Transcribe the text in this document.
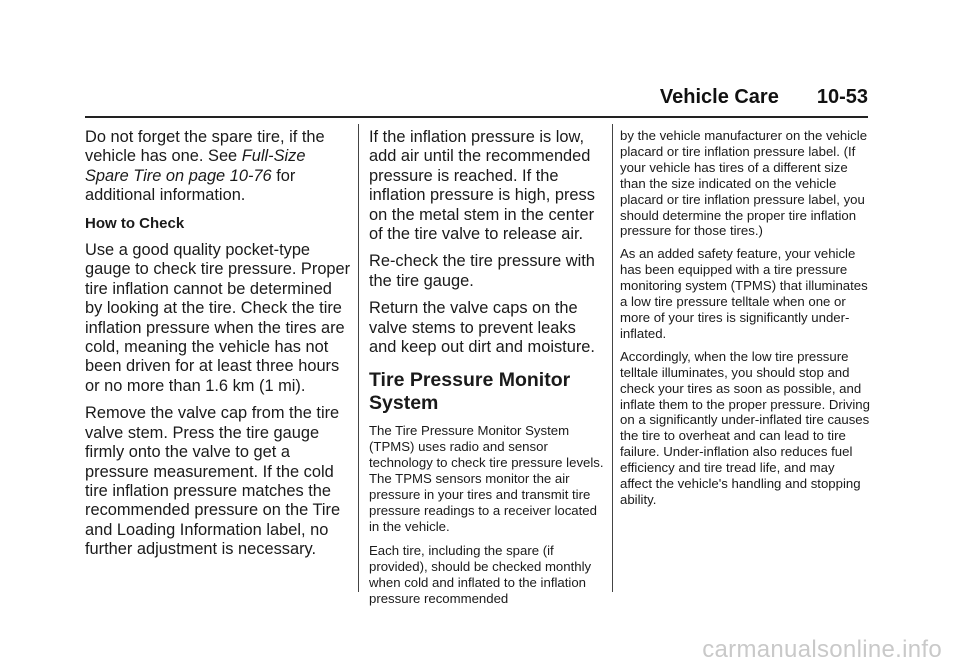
Vehicle Care 10-53

Do not forget the spare tire, if the vehicle has one. See Full-Size Spare Tire on page 10-76 for additional information.

How to Check

Use a good quality pocket-type gauge to check tire pressure. Proper tire inflation cannot be determined by looking at the tire. Check the tire inflation pressure when the tires are cold, meaning the vehicle has not been driven for at least three hours or no more than 1.6 km (1 mi).

Remove the valve cap from the tire valve stem. Press the tire gauge firmly onto the valve to get a pressure measurement. If the cold tire inflation pressure matches the recommended pressure on the Tire and Loading Information label, no further adjustment is necessary.

If the inflation pressure is low, add air until the recommended pressure is reached. If the inflation pressure is high, press on the metal stem in the center of the tire valve to release air.

Re-check the tire pressure with the tire gauge.

Return the valve caps on the valve stems to prevent leaks and keep out dirt and moisture.

Tire Pressure Monitor System

The Tire Pressure Monitor System (TPMS) uses radio and sensor technology to check tire pressure levels. The TPMS sensors monitor the air pressure in your tires and transmit tire pressure readings to a receiver located in the vehicle.

Each tire, including the spare (if provided), should be checked monthly when cold and inflated to the inflation pressure recommended

by the vehicle manufacturer on the vehicle placard or tire inflation pressure label. (If your vehicle has tires of a different size than the size indicated on the vehicle placard or tire inflation pressure label, you should determine the proper tire inflation pressure for those tires.)

As an added safety feature, your vehicle has been equipped with a tire pressure monitoring system (TPMS) that illuminates a low tire pressure telltale when one or more of your tires is significantly under-inflated.

Accordingly, when the low tire pressure telltale illuminates, you should stop and check your tires as soon as possible, and inflate them to the proper pressure. Driving on a significantly under-inflated tire causes the tire to overheat and can lead to tire failure. Under-inflation also reduces fuel efficiency and tire tread life, and may affect the vehicle's handling and stopping ability.

carmanualsonline.info
